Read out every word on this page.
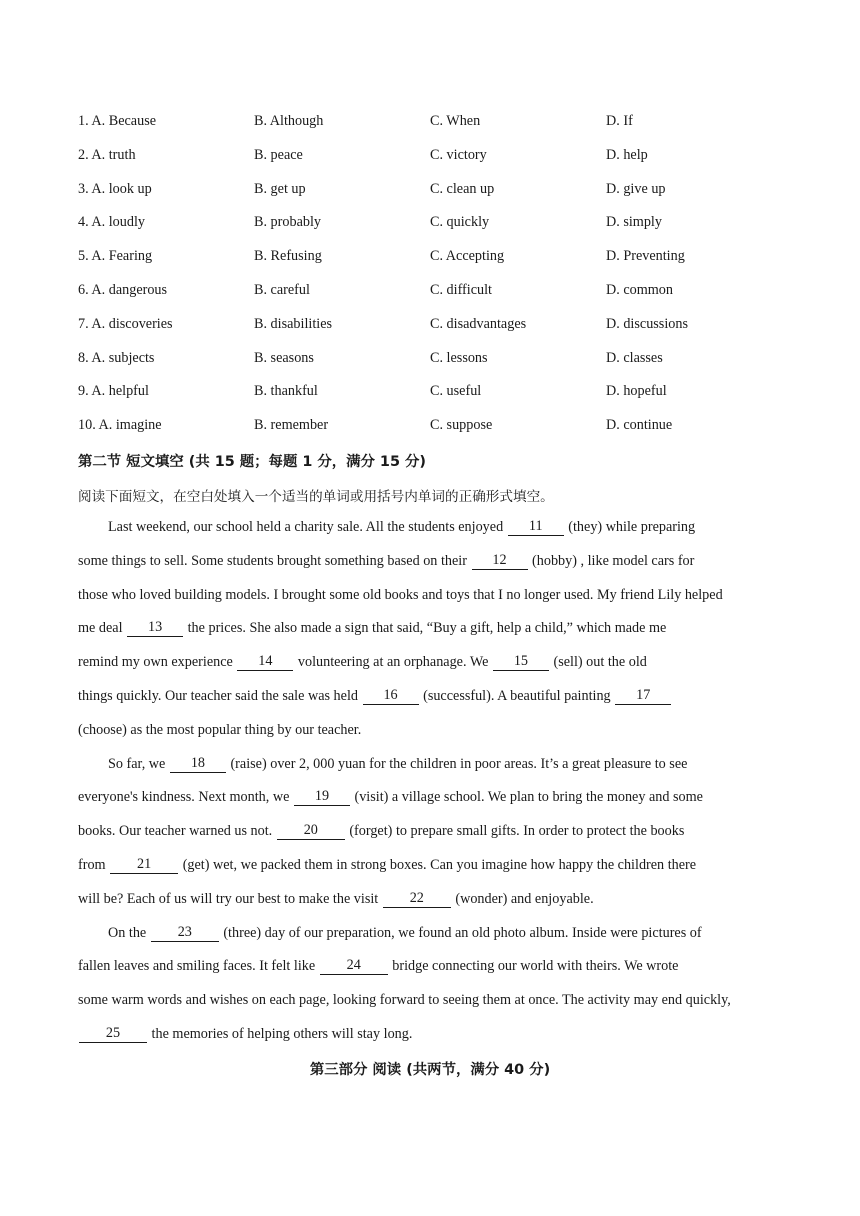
1. A. Because	B. Although	C. When	D. If
2. A. truth	B. peace	C. victory	D. help
3. A. look up	B. get up	C. clean up	D. give up
4. A. loudly	B. probably	C. quickly	D. simply
5. A. Fearing	B. Refusing	C. Accepting	D. Preventing
6. A. dangerous	B. careful	C. difficult	D. common
7. A. discoveries	B. disabilities	C. disadvantages	D. discussions
8. A. subjects	B. seasons	C. lessons	D. classes
9. A. helpful	B. thankful	C. useful	D. hopeful
10. A. imagine	B. remember	C. suppose	D. continue
第二节 短文填空 (共 15 题；每题 1 分，满分 15 分)
阅读下面短文，在空白处填入一个适当的单词或用括号内单词的正确形式填空。
Last weekend, our school held a charity sale. All the students enjoyed
	11
	(they) while preparing
some things to sell. Some students brought something based on their
	12
	(hobby) , like model cars for
those who loved building models. I brought some old books and toys that I no longer used. My friend Lily helped
me deal
	13
	the prices. She also made a sign that said, “Buy a gift, help a child,” which made me
remind my own experience
	14
	volunteering at an orphanage. We
	15
	(sell) out the old
things quickly. Our teacher said the sale was held
	16
	(successful). A beautiful painting
	17
(choose) as the most popular thing by our teacher.
So far, we
	18
	(raise) over 2, 000 yuan for the children in poor areas. It’s a great pleasure to see
everyone's kindness. Next month, we
	19
	(visit) a village school. We plan to bring the money and some
books. Our teacher warned us not.
	20
	(forget) to prepare small gifts. In order to protect the books
from
	21
	(get) wet, we packed them in strong boxes. Can you imagine how happy the children there
will be? Each of us will try our best to make the visit
	22
	(wonder) and enjoyable.
On the
	23
	(three) day of our preparation, we found an old photo album. Inside were pictures of
fallen leaves and smiling faces. It felt like
	24
	bridge connecting our world with theirs. We wrote
some warm words and wishes on each page, looking forward to seeing them at once. The activity may end quickly,
25
	the memories of helping others will stay long.
第三部分 阅读 (共两节，满分 40 分)
